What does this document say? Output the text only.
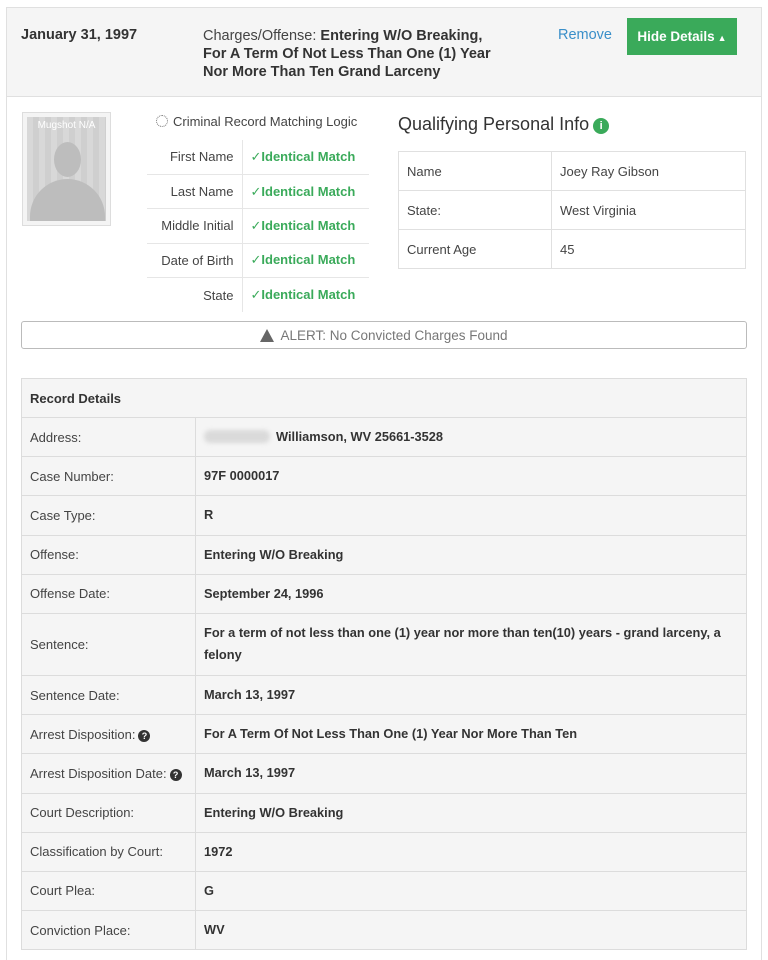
January 31, 1997	Charges/Offense: Entering W/O Breaking, For A Term Of Not Less Than One (1) Year Nor More Than Ten Grand Larceny
Remove	Hide Details ▲
Mugshot N/A	Criminal Record Matching Logic
First Name	✓Identical Match
Last Name	✓Identical Match
Middle Initial	✓Identical Match
Date of Birth	✓Identical Match
State	✓Identical Match
Qualifying Personal Info i
Name	Joey Ray Gibson
State:	West Virginia
Current Age	45
ALERT: No Convicted Charges Found
Record Details	
Address:	Williamson, WV 25661-3528
Case Number:	97F 0000017
Case Type:	R
Offense:	Entering W/O Breaking
Offense Date:	September 24, 1996
Sentence:	For a term of not less than one (1) year nor more than ten(10) years - grand larceny, a felony
Sentence Date:	March 13, 1997
Arrest Disposition: ?	For A Term Of Not Less Than One (1) Year Nor More Than Ten
Arrest Disposition Date: ?	March 13, 1997
Court Description:	Entering W/O Breaking
Classification by Court:	1972
Court Plea:	G
Conviction Place:	WV
